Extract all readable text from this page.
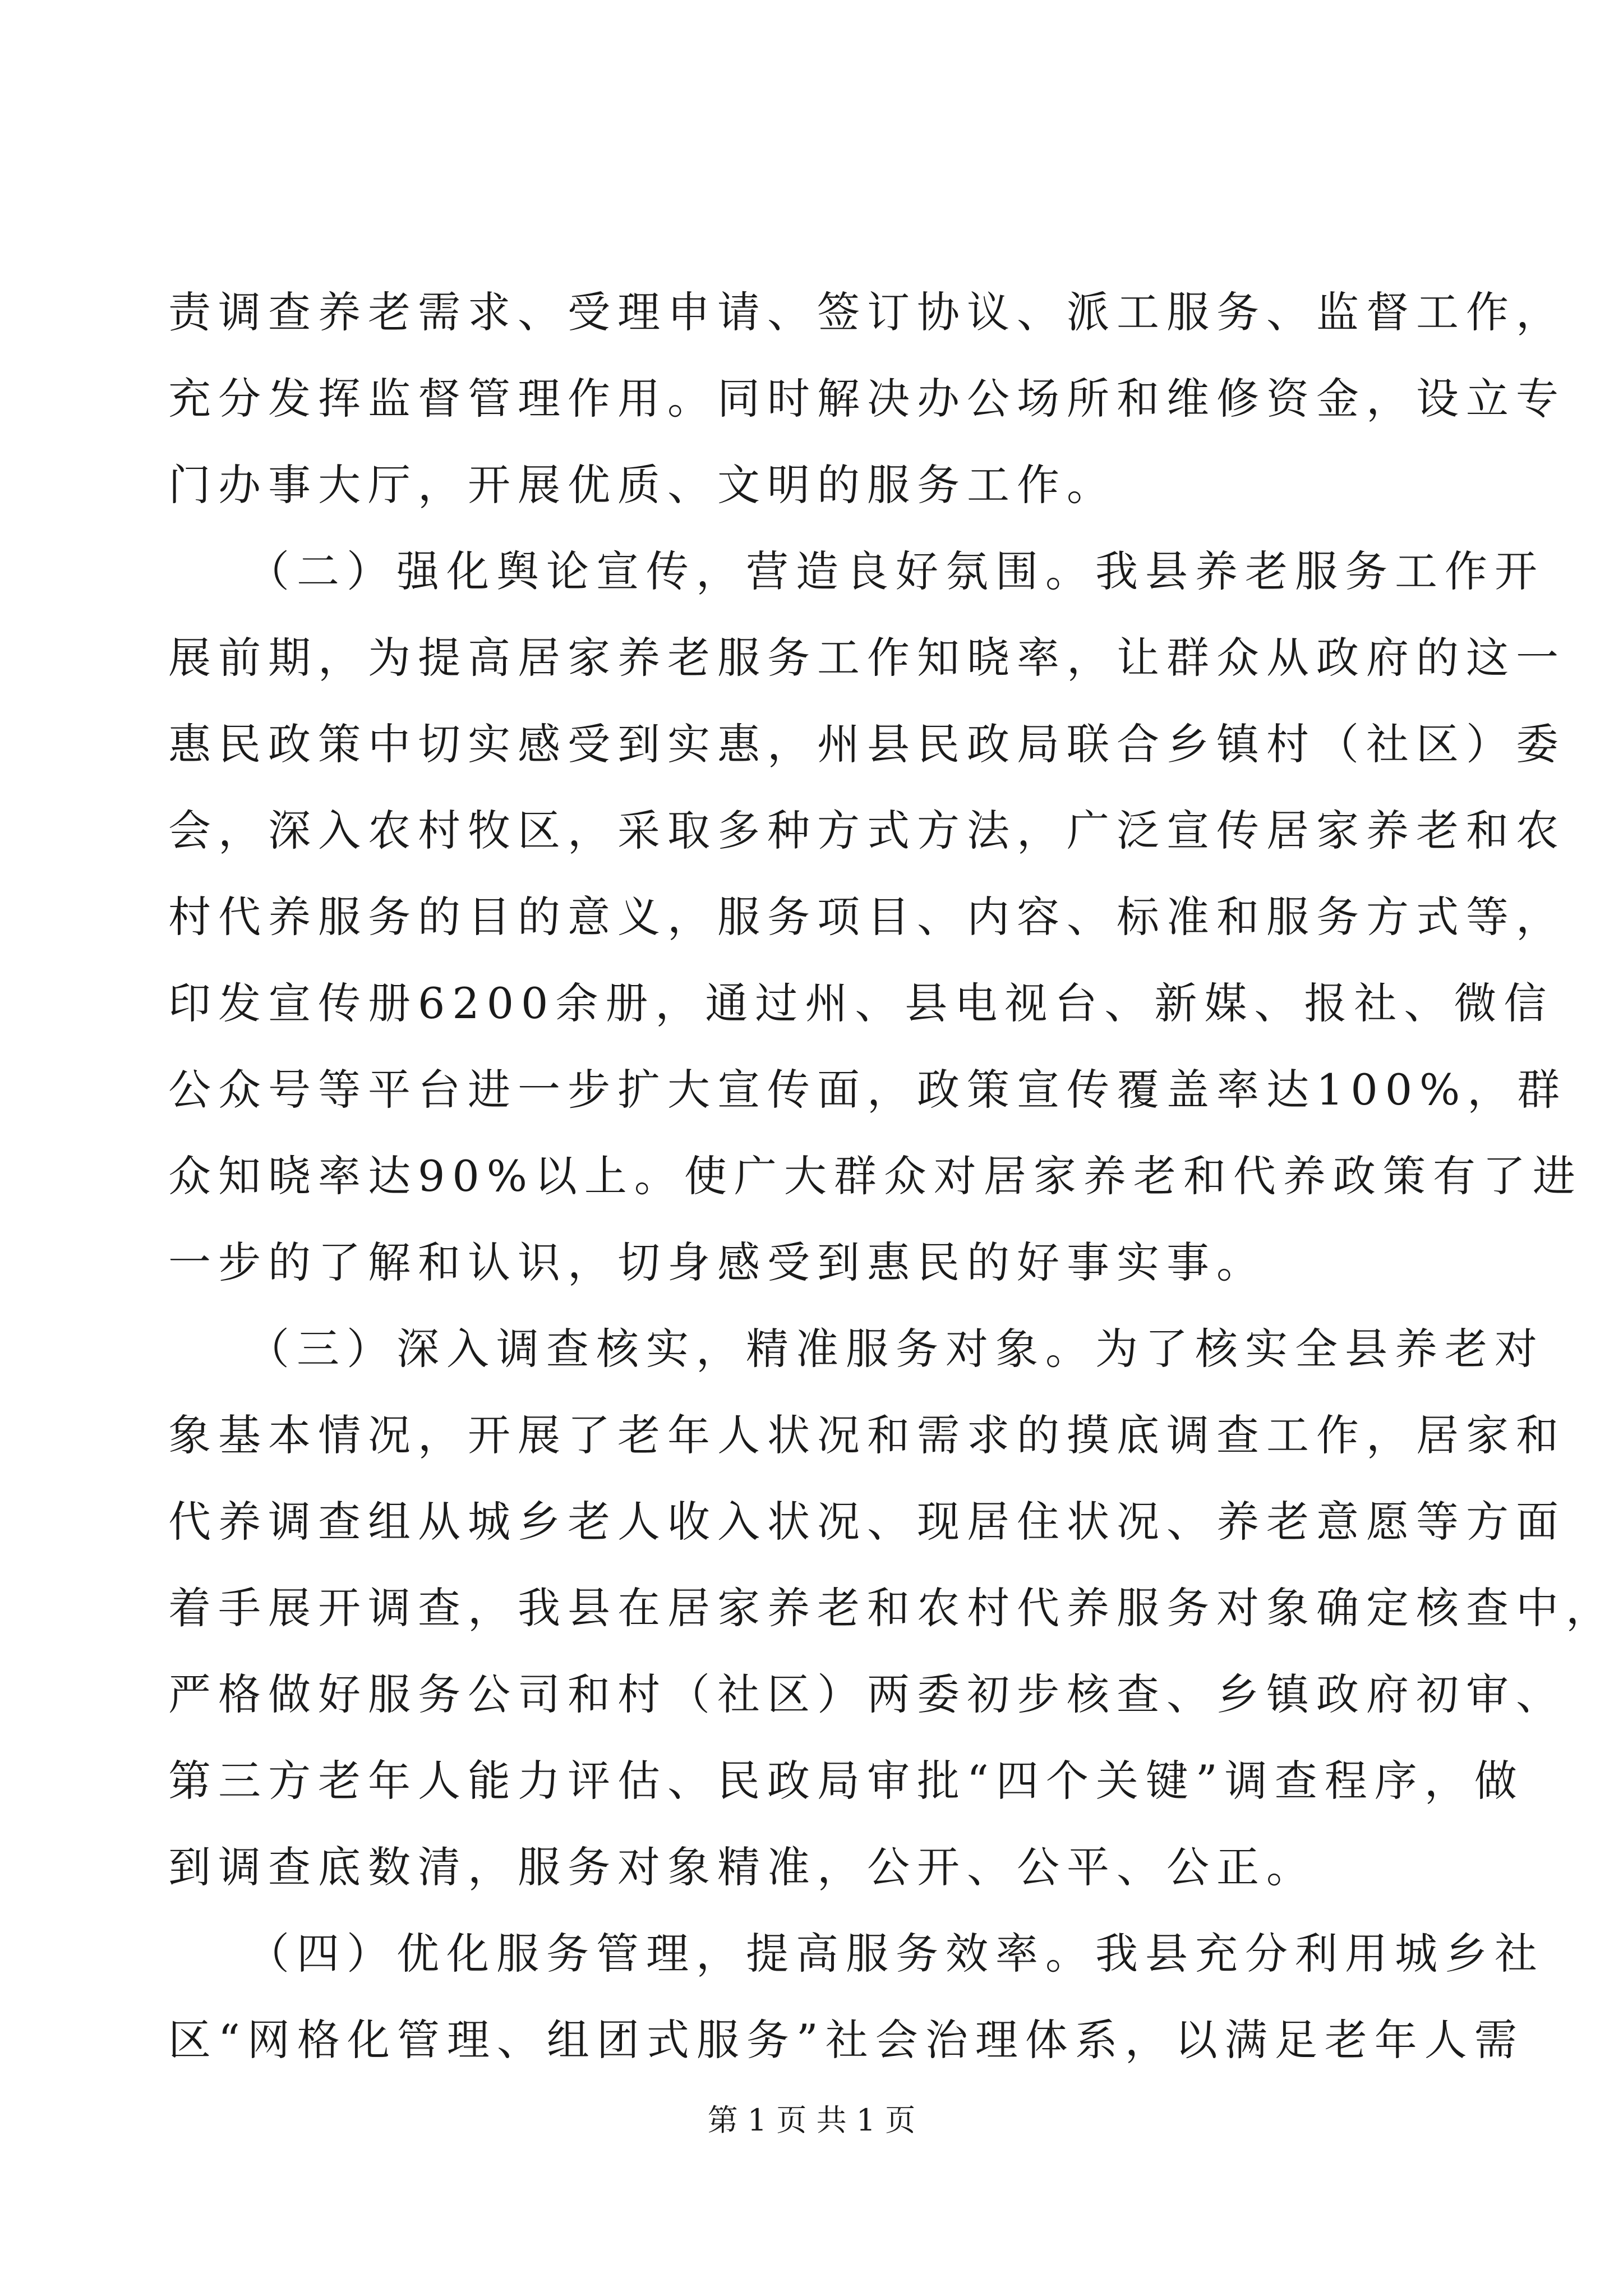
责调查养老需求、受理申请、签订协议、派工服务、监督工作，
充分发挥监督管理作用。同时解决办公场所和维修资金，设立专
门办事大厅，开展优质、文明的服务工作。
　　（二）强化舆论宣传，营造良好氛围。我县养老服务工作开
展前期，为提高居家养老服务工作知晓率，让群众从政府的这一
惠民政策中切实感受到实惠，州县民政局联合乡镇村（社区）委
会，深入农村牧区，采取多种方式方法，广泛宣传居家养老和农
村代养服务的目的意义，服务项目、内容、标准和服务方式等，
印发宣传册6200余册，通过州、县电视台、新媒、报社、微信
公众号等平台进一步扩大宣传面，政策宣传覆盖率达100%，群
众知晓率达90%以上。使广大群众对居家养老和代养政策有了进
一步的了解和认识，切身感受到惠民的好事实事。
　　（三）深入调查核实，精准服务对象。为了核实全县养老对
象基本情况，开展了老年人状况和需求的摸底调查工作，居家和
代养调查组从城乡老人收入状况、现居住状况、养老意愿等方面
着手展开调查，我县在居家养老和农村代养服务对象确定核查中，
严格做好服务公司和村（社区）两委初步核查、乡镇政府初审、
第三方老年人能力评估、民政局审批“四个关键”调查程序，做
到调查底数清，服务对象精准，公开、公平、公正。
　　（四）优化服务管理，提高服务效率。我县充分利用城乡社
区“网格化管理、组团式服务”社会治理体系，以满足老年人需
第 1 页 共 1 页
